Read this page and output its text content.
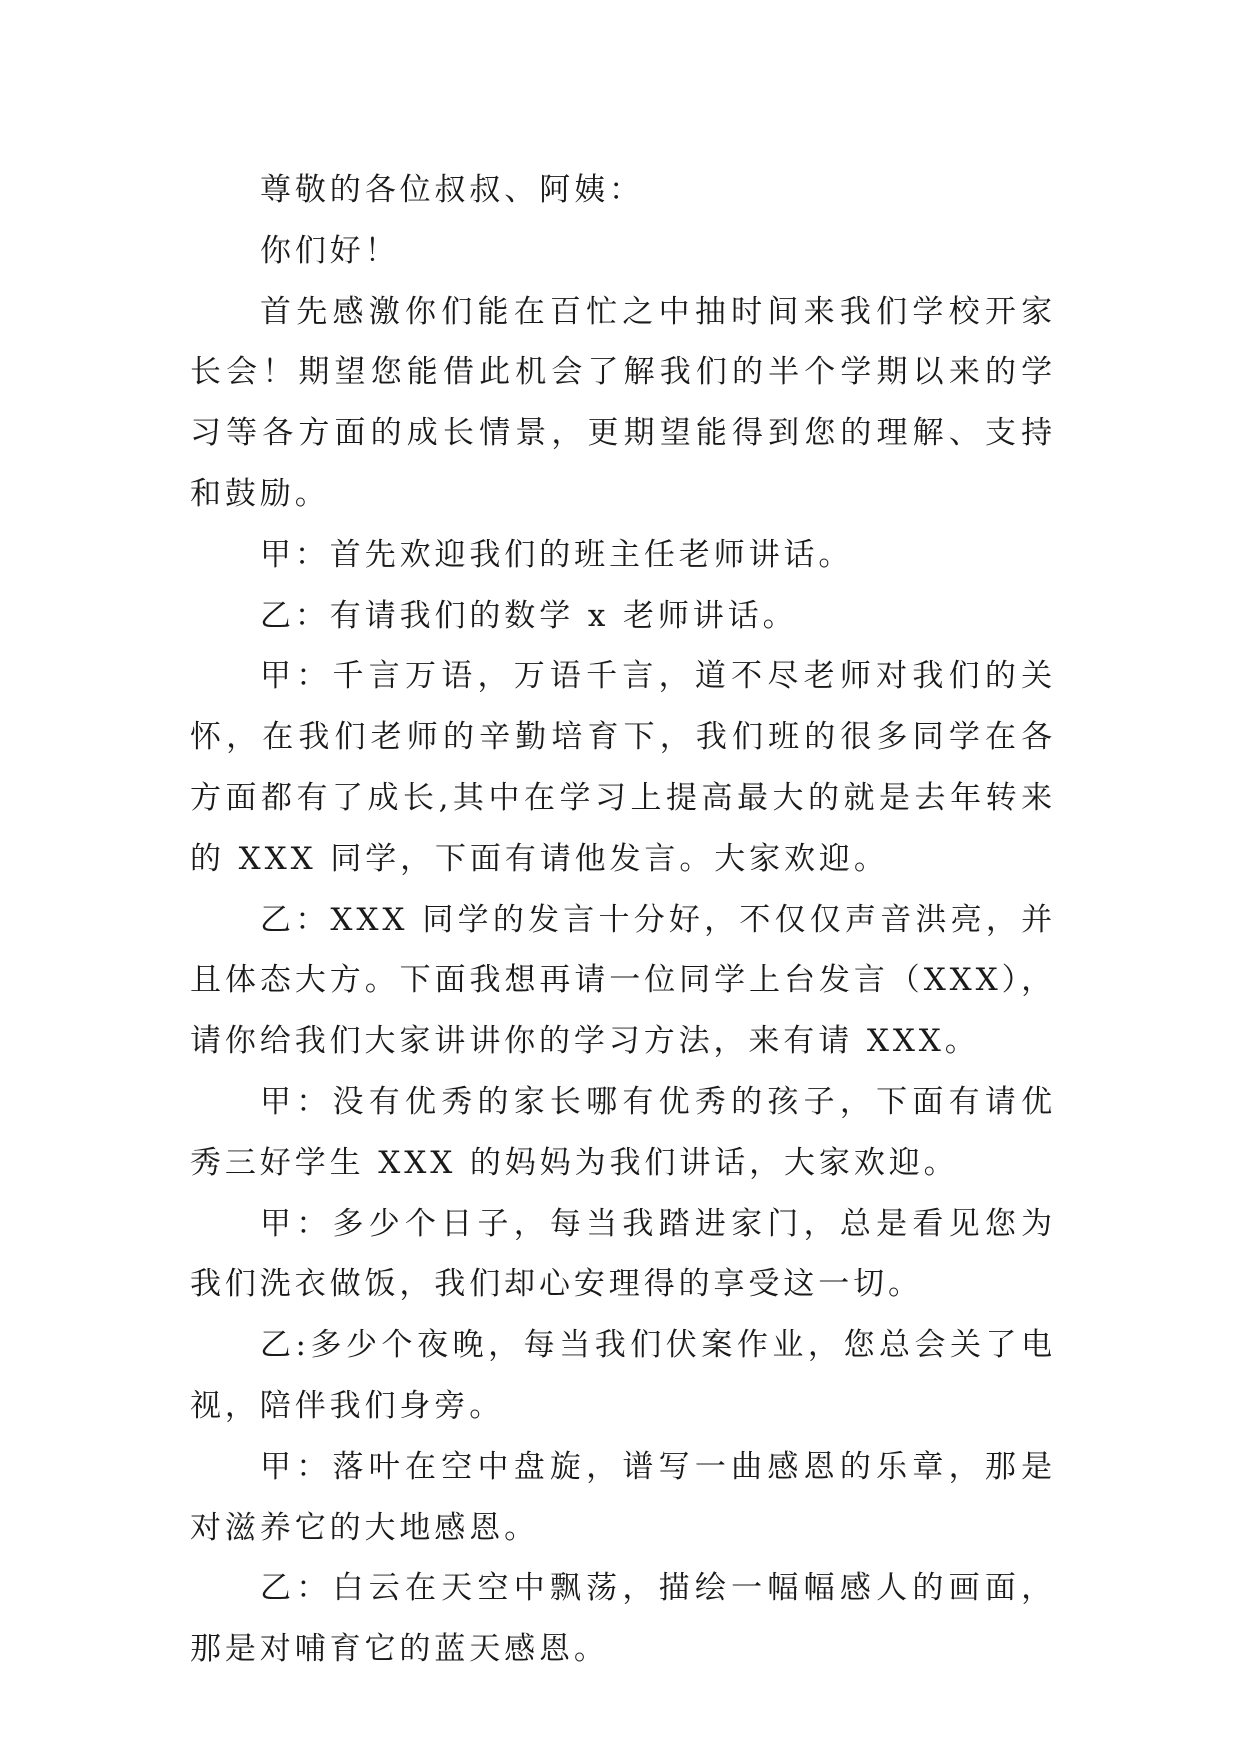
尊敬的各位叔叔、阿姨：

你们好！

首先感激你们能在百忙之中抽时间来我们学校开家长会！期望您能借此机会了解我们的半个学期以来的学习等各方面的成长情景，更期望能得到您的理解、支持和鼓励。

甲：首先欢迎我们的班主任老师讲话。

乙：有请我们的数学 x 老师讲话。

甲：千言万语，万语千言，道不尽老师对我们的关怀，在我们老师的辛勤培育下，我们班的很多同学在各方面都有了成长,其中在学习上提高最大的就是去年转来的 XXX 同学，下面有请他发言。大家欢迎。

乙：XXX 同学的发言十分好，不仅仅声音洪亮，并且体态大方。下面我想再请一位同学上台发言（XXX），请你给我们大家讲讲你的学习方法，来有请 XXX。

甲：没有优秀的家长哪有优秀的孩子，下面有请优秀三好学生 XXX 的妈妈为我们讲话，大家欢迎。

甲：多少个日子，每当我踏进家门，总是看见您为我们洗衣做饭，我们却心安理得的享受这一切。

乙:多少个夜晚，每当我们伏案作业，您总会关了电视，陪伴我们身旁。

甲：落叶在空中盘旋，谱写一曲感恩的乐章，那是对滋养它的大地感恩。

乙：白云在天空中飘荡，描绘一幅幅感人的画面，那是对哺育它的蓝天感恩。
